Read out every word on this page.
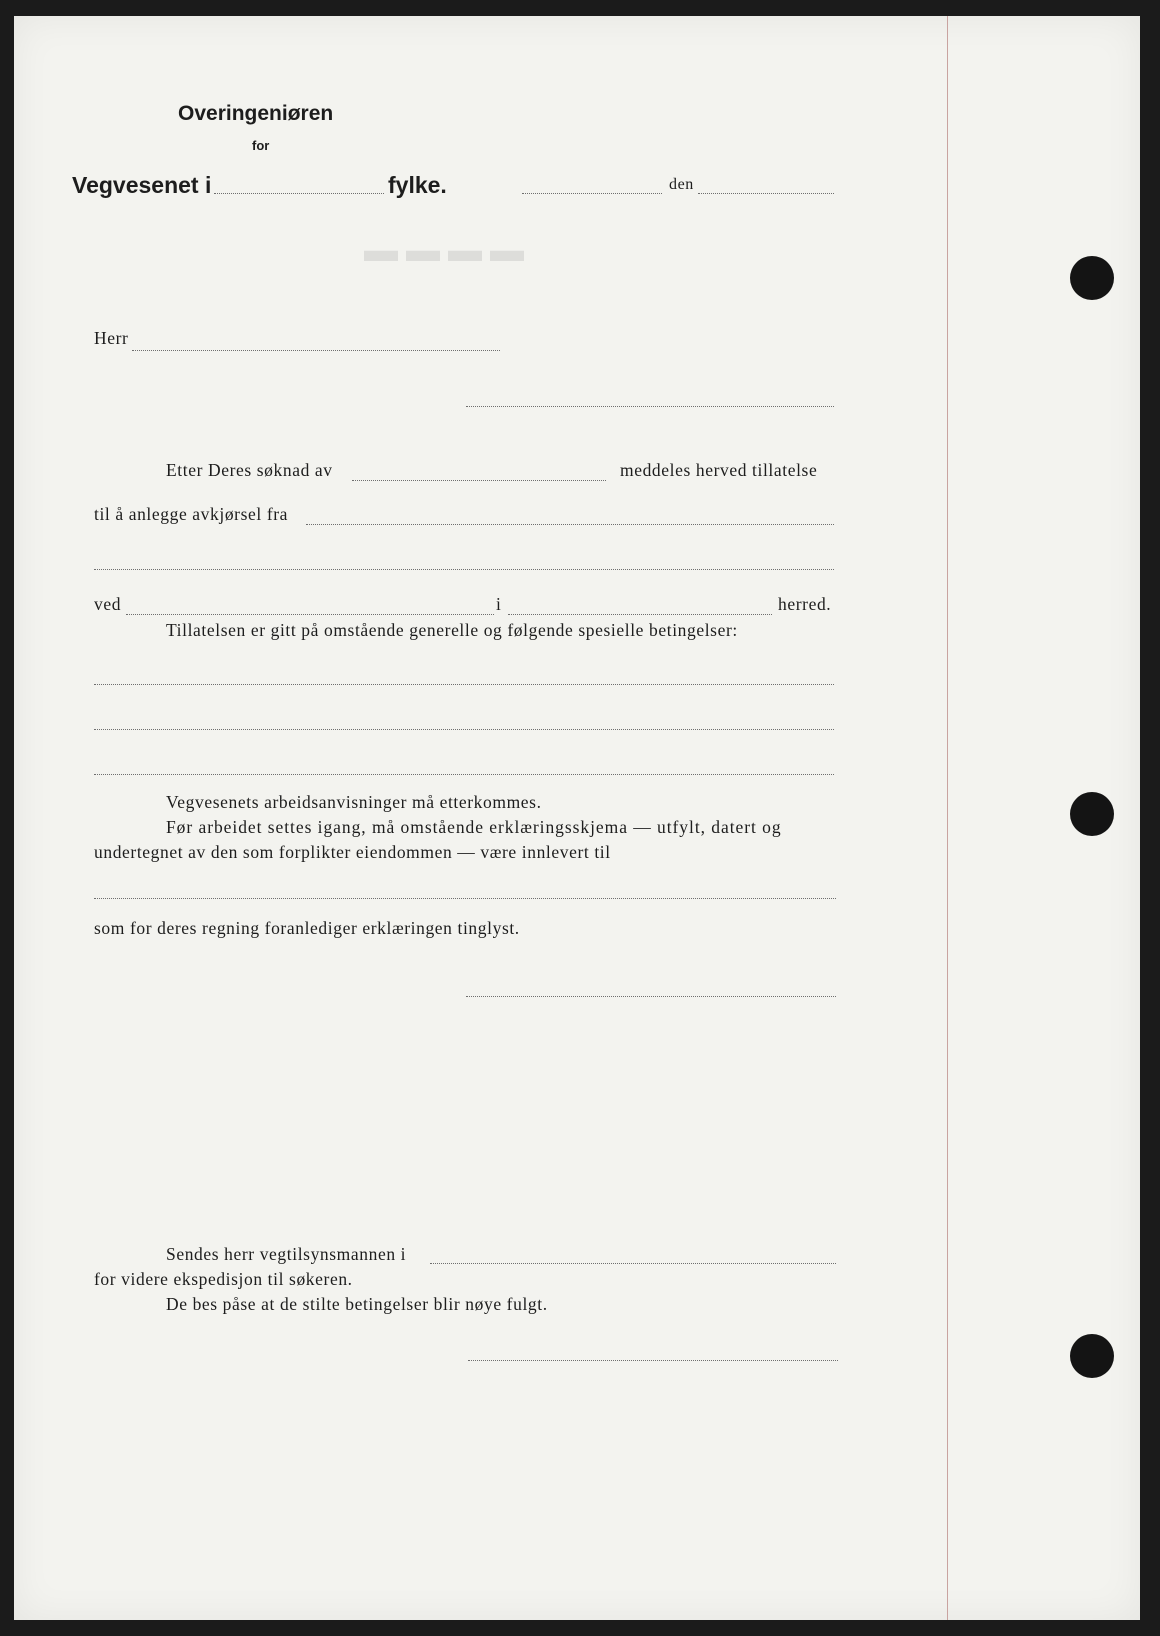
▬▬▬▬
Overingeniøren
for
Vegvesenet i	fylke.	den
Herr
Etter Deres søknad av	meddeles herved tillatelse
til å anlegge avkjørsel fra
ved	i	herred.
Tillatelsen er gitt på omstående generelle og følgende spesielle betingelser:
Vegvesenets arbeidsanvisninger må etterkommes.
Før arbeidet settes igang, må omstående erklæringsskjema — utfylt, datert og
undertegnet av den som forplikter eiendommen — være innlevert til
som for deres regning foranlediger erklæringen tinglyst.
Sendes herr vegtilsynsmannen i
for videre ekspedisjon til søkeren.
De bes påse at de stilte betingelser blir nøye fulgt.
